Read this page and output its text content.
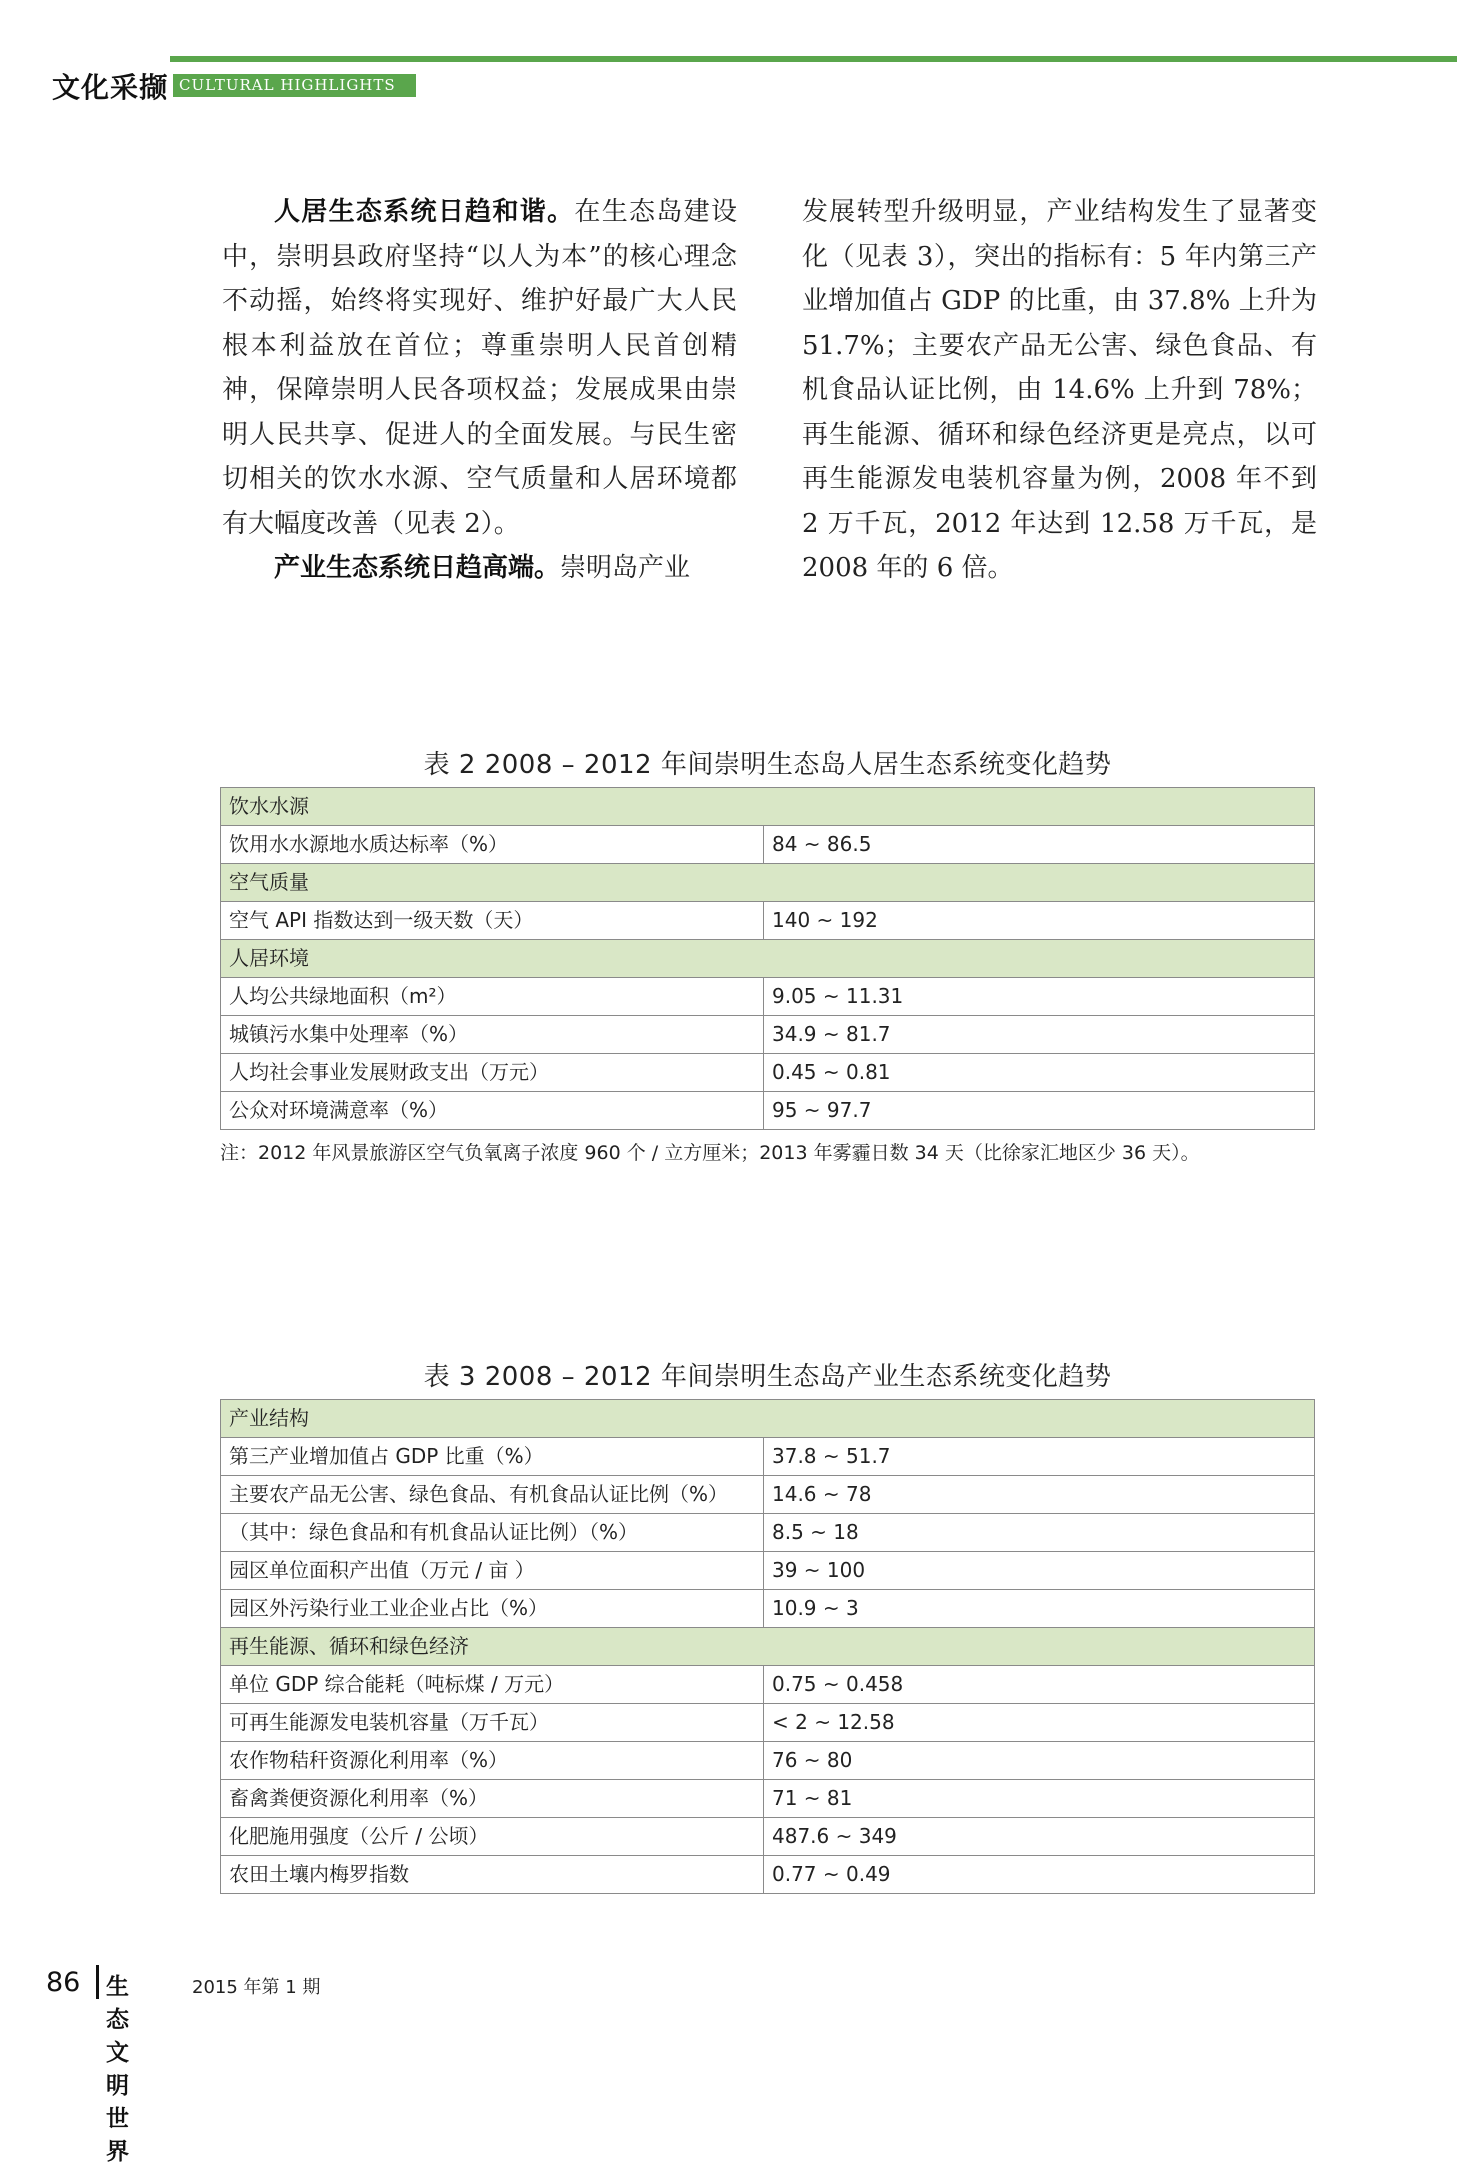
文化采撷 CULTURAL HIGHLIGHTS

人居生态系统日趋和谐。在生态岛建设中，崇明县政府坚持“以人为本”的核心理念不动摇，始终将实现好、维护好最广大人民根本利益放在首位；尊重崇明人民首创精神，保障崇明人民各项权益；发展成果由崇明人民共享、促进人的全面发展。与民生密切相关的饮水水源、空气质量和人居环境都有大幅度改善（见表 2）。

产业生态系统日趋高端。崇明岛产业

发展转型升级明显，产业结构发生了显著变化（见表 3），突出的指标有：5 年内第三产业增加值占 GDP 的比重，由 37.8% 上升为 51.7%；主要农产品无公害、绿色食品、有机食品认证比例，由 14.6% 上升到 78%；再生能源、循环和绿色经济更是亮点，以可再生能源发电装机容量为例，2008 年不到 2 万千瓦，2012 年达到 12.58 万千瓦，是 2008 年的 6 倍。

表 2 2008 – 2012 年间崇明生态岛人居生态系统变化趋势
饮水水源	
饮用水水源地水质达标率（%）	84 ~ 86.5
空气质量	
空气 API 指数达到一级天数（天）	140 ~ 192
人居环境	
人均公共绿地面积（m²）	9.05 ~ 11.31
城镇污水集中处理率（%）	34.9 ~ 81.7
人均社会事业发展财政支出（万元）	0.45 ~ 0.81
公众对环境满意率（%）	95 ~ 97.7
注：2012 年风景旅游区空气负氧离子浓度 960 个 / 立方厘米；2013 年雾霾日数 34 天（比徐家汇地区少 36 天）。
表 3 2008 – 2012 年间崇明生态岛产业生态系统变化趋势
产业结构	
第三产业增加值占 GDP 比重（%）	37.8 ~ 51.7
主要农产品无公害、绿色食品、有机食品认证比例（%）	14.6 ~ 78
（其中：绿色食品和有机食品认证比例）（%）	8.5 ~ 18
园区单位面积产出值（万元 / 亩 ）	39 ~ 100
园区外污染行业工业企业占比（%）	10.9 ~ 3
再生能源、循环和绿色经济	
单位 GDP 综合能耗（吨标煤 / 万元）	0.75 ~ 0.458
可再生能源发电装机容量（万千瓦）	< 2 ~ 12.58
农作物秸秆资源化利用率（%）	76 ~ 80
畜禽粪便资源化利用率（%）	71 ~ 81
化肥施用强度（公斤 / 公顷）	487.6 ~ 349
农田土壤内梅罗指数	0.77 ~ 0.49
86 生态文明世界
2015 年第 1 期
